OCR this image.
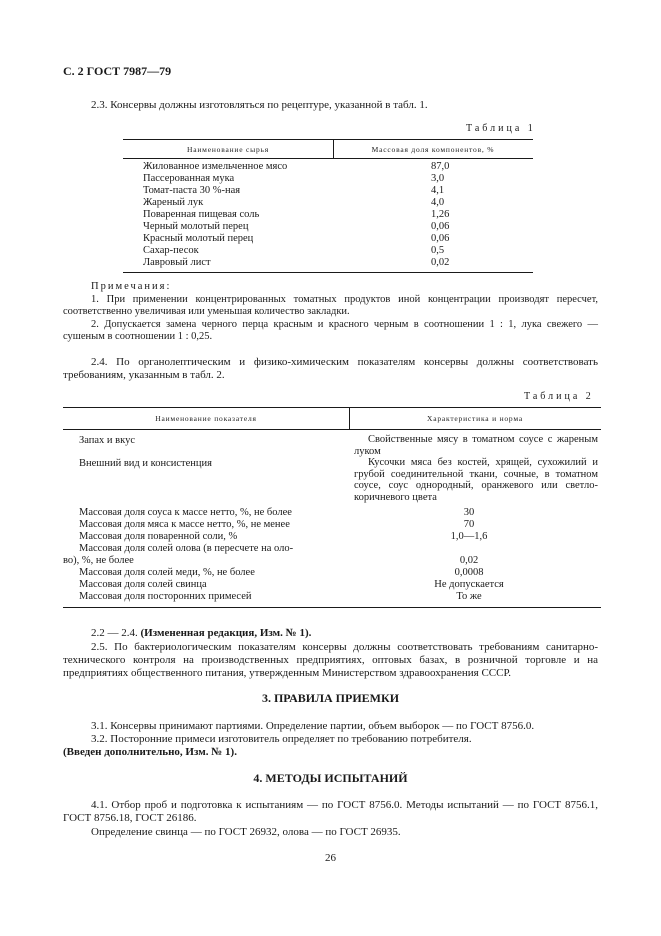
С. 2 ГОСТ 7987—79
2.3. Консервы должны изготовляться по рецептуре, указанной в табл. 1.
Таблица 1
Наименование сырья	Массовая доля компонентов, %
Жилованное измельченное мясо	87,0
Пассерованная мука	3,0
Томат-паста 30 %-ная	4,1
Жареный лук	4,0
Поваренная пищевая соль	1,26
Черный молотый перец	0,06
Красный молотый перец	0,06
Сахар-песок	0,5
Лавровый лист	0,02
Примечания:
1. При применении концентрированных томатных продуктов иной концентрации производят пересчет, соответственно увеличивая или уменьшая количество закладки.
2. Допускается замена черного перца красным и красного черным в соотношении 1 : 1, лука свежего — сушеным в соотношении 1 : 0,25.
2.4. По органолептическим и физико-химическим показателям консервы должны соответствовать требованиям, указанным в табл. 2.
Таблица 2
Наименование показателя	Характеристика и норма
Запах и вкус	Свойственные мясу в томатном соусе с жареным луком
Внешний вид и консистенция	Кусочки мяса без костей, хрящей, сухожилий и грубой соединительной ткани, сочные, в томатном соусе, соус однородный, оранжевого или светло-коричневого цвета
Массовая доля соуса к массе нетто, %, не более	30
Массовая доля мяса к массе нетто, %, не менее	70
Массовая доля поваренной соли, %	1,0—1,6
Массовая доля солей олова (в пересчете на оло-
во), %, не более	0,02
Массовая доля солей меди, %, не более	0,0008
Массовая доля солей свинца	Не допускается
Массовая доля посторонних примесей	То же
2.2 — 2.4. (Измененная редакция, Изм. № 1).
2.5. По бактериологическим показателям консервы должны соответствовать требованиям санитарно-технического контроля на производственных предприятиях, оптовых базах, в розничной торговле и на предприятиях общественного питания, утвержденным Министерством здравоохранения СССР.
3. ПРАВИЛА ПРИЕМКИ
3.1. Консервы принимают партиями. Определение партии, объем выборок — по ГОСТ 8756.0.
3.2. Посторонние примеси изготовитель определяет по требованию потребителя.
(Введен дополнительно, Изм. № 1).
4. МЕТОДЫ ИСПЫТАНИЙ
4.1. Отбор проб и подготовка к испытаниям — по ГОСТ 8756.0. Методы испытаний — по ГОСТ 8756.1, ГОСТ 8756.18, ГОСТ 26186.
Определение свинца — по ГОСТ 26932, олова — по ГОСТ 26935.
26
